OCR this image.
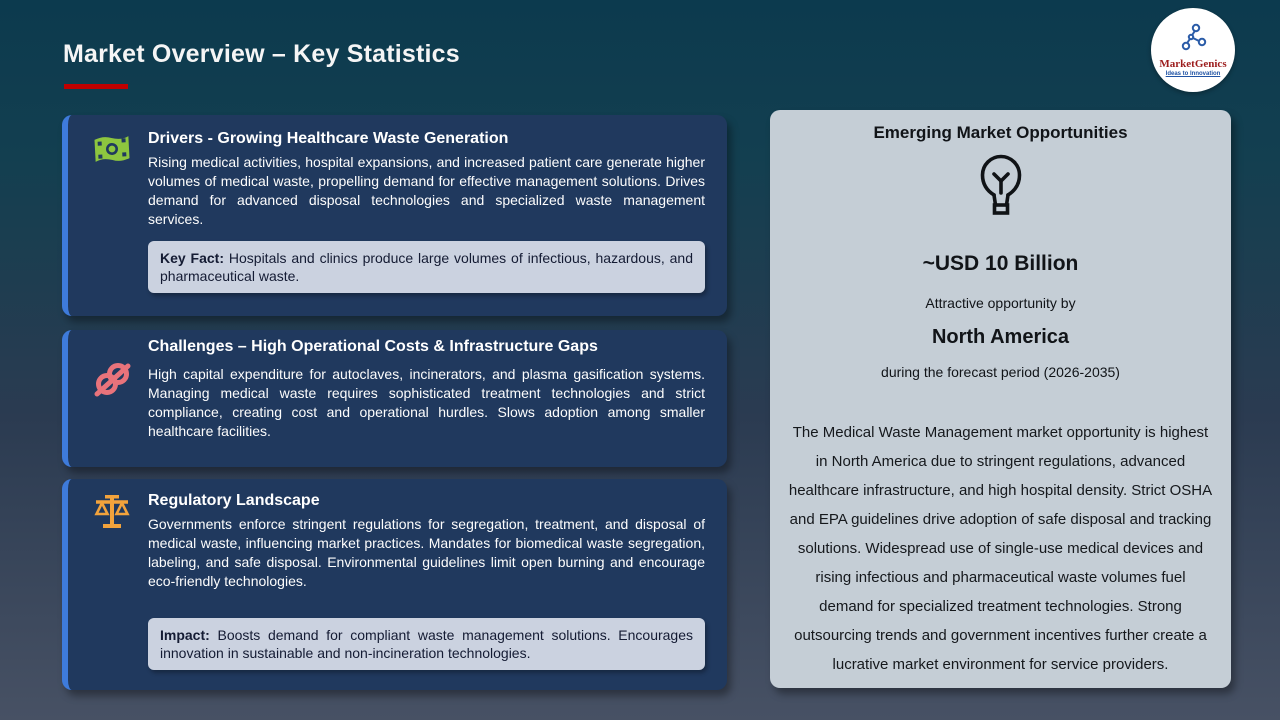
Market Overview – Key Statistics	MarketGenics
Ideas to Innovation
Drivers - Growing Healthcare Waste Generation

Rising medical activities, hospital expansions, and increased patient care generate higher volumes of medical waste, propelling demand for effective management solutions. Drives demand for advanced disposal technologies and specialized waste management services.

Key Fact: Hospitals and clinics produce large volumes of infectious, hazardous, and pharmaceutical waste.
Challenges – High Operational Costs & Infrastructure Gaps

High capital expenditure for autoclaves, incinerators, and plasma gasification systems. Managing medical waste requires sophisticated treatment technologies and strict compliance, creating cost and operational hurdles. Slows adoption among smaller healthcare facilities.

Regulatory Landscape

Governments enforce stringent regulations for segregation, treatment, and disposal of medical waste, influencing market practices. Mandates for biomedical waste segregation, labeling, and safe disposal. Environmental guidelines limit open burning and encourage eco-friendly technologies.

Impact: Boosts demand for compliant waste management solutions. Encourages innovation in sustainable and non-incineration technologies.
Emerging Market Opportunities
~USD 10 Billion
Attractive opportunity by
North America
during the forecast period (2026-2035)

The Medical Waste Management market opportunity is highest in North America due to stringent regulations, advanced healthcare infrastructure, and high hospital density. Strict OSHA and EPA guidelines drive adoption of safe disposal and tracking solutions. Widespread use of single-use medical devices and rising infectious and pharmaceutical waste volumes fuel demand for specialized treatment technologies. Strong outsourcing trends and government incentives further create a lucrative market environment for service providers.
